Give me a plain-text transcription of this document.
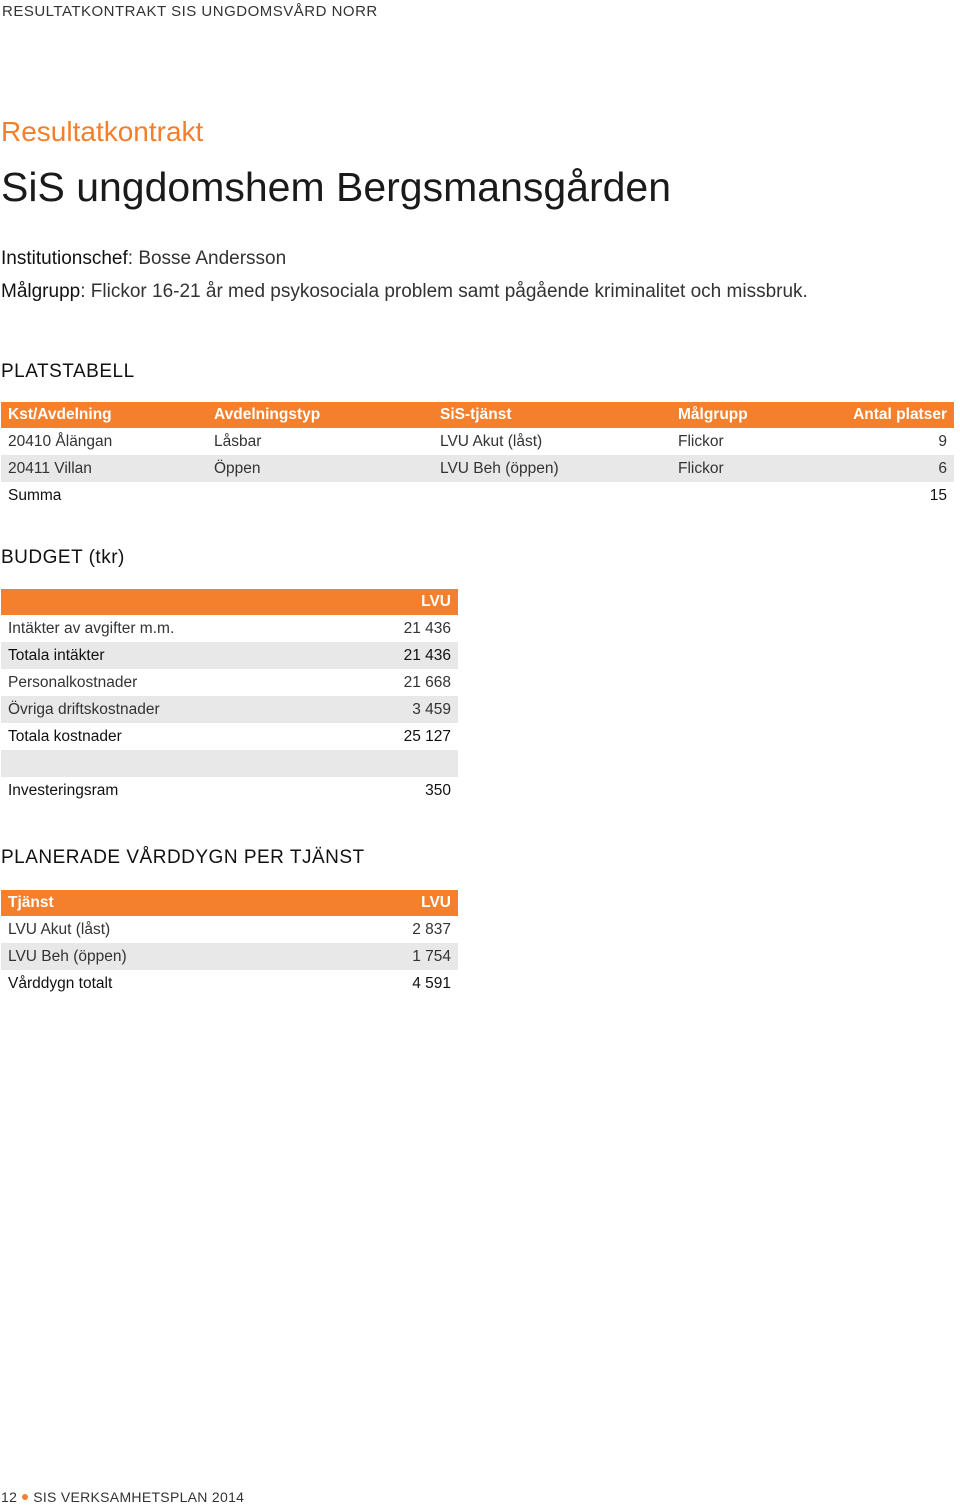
RESULTATKONTRAKT SIS UNGDOMSVÅRD NORR
Resultatkontrakt
SiS ungdomshem Bergsmansgården
Institutionschef: Bosse Andersson
Målgrupp: Flickor 16-21 år med psykosociala problem samt pågående kriminalitet och missbruk.
PLATSTABELL
Kst/Avdelning	Avdelningstyp	SiS-tjänst	Målgrupp	Antal platser
20410 Ålängan	Låsbar	LVU Akut (låst)	Flickor	9
20411 Villan	Öppen	LVU Beh (öppen)	Flickor	6
Summa				15
BUDGET (tkr)
	LVU
Intäkter av avgifter m.m.	21 436
Totala intäkter	21 436
Personalkostnader	21 668
Övriga driftskostnader	3 459
Totala kostnader	25 127

Investeringsram	350
PLANERADE VÅRDDYGN PER TJÄNST
Tjänst	LVU
LVU Akut (låst)	2 837
LVU Beh (öppen)	1 754
Vårddygn totalt	4 591
12 SIS VERKSAMHETSPLAN 2014
